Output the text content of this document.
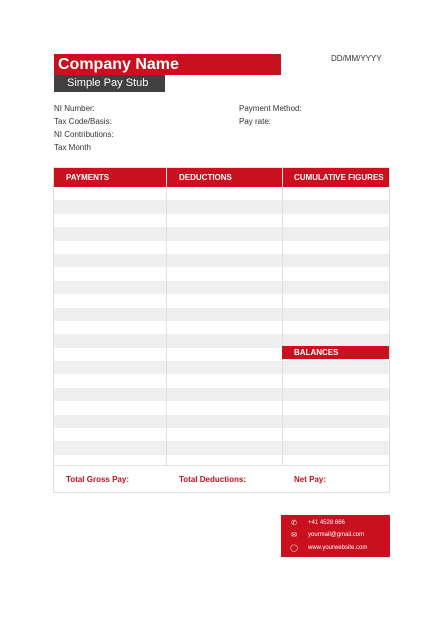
Company Name
Simple Pay Stub
DD/MM/YYYY
NI Number:
Tax Code/Basis:
NI Contributions:
Tax Month
Payment Method:
Pay rate:
PAYMENTS	DEDUCTIONS	CUMULATIVE FIGURES
BALANCES
Total Gross Pay:	Total Deductions:	Net Pay:
✆	+41 4528 666
✉	yourmail@gmail.com
◯ www.yourwebsite.com
